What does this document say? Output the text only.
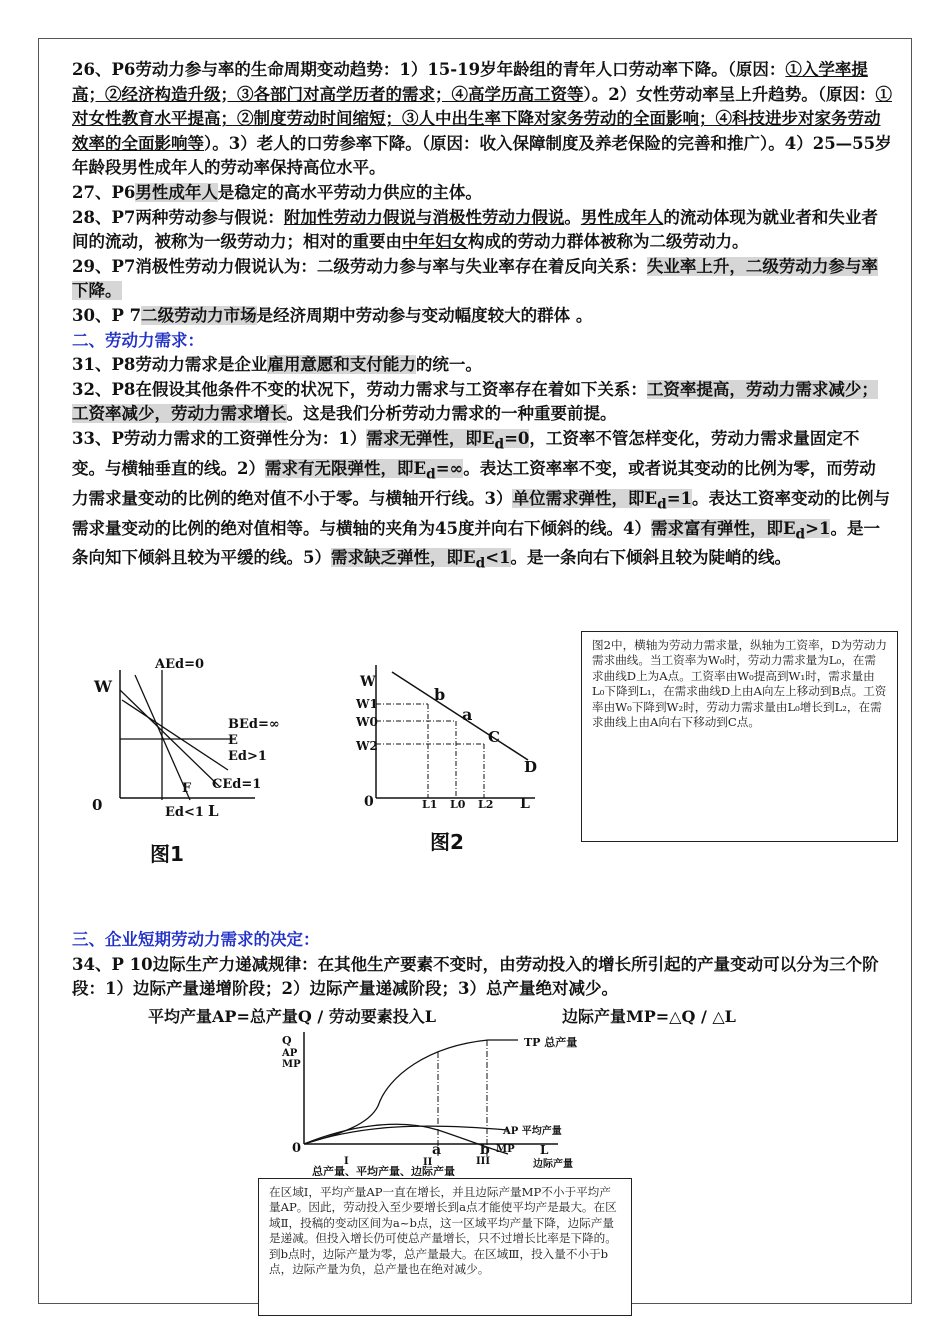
26、P6劳动力参与率的生命周期变动趋势：1）15-19岁年龄组的青年人口劳动率下降。（原因：①入学率提高；②经济构造升级；③各部门对高学历者的需求；④高学历高工资等）。2）女性劳动率呈上升趋势。（原因：①对女性教育水平提高；②制度劳动时间缩短；③人中出生率下降对家务劳动的全面影响；④科技进步对家务劳动效率的全面影响等）。3）老人的口劳参率下降。（原因：收入保障制度及养老保险的完善和推广）。4）25—55岁年龄段男性成年人的劳动率保持高位水平。

27、P6男性成年人是稳定的高水平劳动力供应的主体。

28、P7两种劳动参与假说：附加性劳动力假说与消极性劳动力假说。男性成年人的流动体现为就业者和失业者间的流动，被称为一级劳动力；相对的重要由中年妇女构成的劳动力群体被称为二级劳动力。

29、P7消极性劳动力假说认为：二级劳动力参与率与失业率存在着反向关系：失业率上升，二级劳动力参与率下降。

30、P 7二级劳动力市场是经济周期中劳动参与变动幅度较大的群体 。

二、劳动力需求：

31、P8劳动力需求是企业雇用意愿和支付能力的统一。

32、P8在假设其他条件不变的状况下，劳动力需求与工资率存在着如下关系：工资率提高，劳动力需求减少；工资率减少，劳动力需求增长。这是我们分析劳动力需求的一种重要前提。

33、P劳动力需求的工资弹性分为：1）需求无弹性，即$E_d=0$，工资率不管怎样变化，劳动力需求量固定不变。与横轴垂直的线。2）需求有无限弹性，即$E_d=\infty$。表达工资率率不变，或者说其变动的比例为零，而劳动力需求量变动的比例的绝对值不小于零。与横轴开行线。3）单位需求弹性，即$E_d=1$。表达工资率变动的比例与需求量变动的比例的绝对值相等。与横轴的夹角为45度并向右下倾斜的线。4）需求富有弹性，即$E_d>1$。是一条向知下倾斜且较为平缓的线。5）需求缺乏弹性，即$E_d<1$。是一条向右下倾斜且较为陡峭的线。

W
0	L
AEd=0
BEd=∞
E
Ed>1
F CEd=1
Ed<1
图1
W
W1
W0
W2
0	L1 L0 L2 L
b
a
C
D
图2
图2中，横轴为劳动力需求量，纵轴为工资率，D为劳动力需求曲线。当工资率为W₀时，劳动力需求量为L₀，在需求曲线D上为A点。工资率由W₀提高到W₁时，需求量由L₀下降到L₁，在需求曲线D上由A向左上移动到B点。工资率由W₀下降到W₂时，劳动力需求量由L₀增长到L₂，在需求曲线上由A向右下移动到C点。

三、企业短期劳动力需求的决定：

34、P 10边际生产力递减规律：在其他生产要素不变时，由劳动投入的增长所引起的产量变动可以分为三个阶段：1）边际产量递增阶段；2）边际产量递减阶段；3）总产量绝对减少。

平均产量AP=总产量Q / 劳动要素投入L	边际产量MP=△Q / △L
Q
AP
MP
TP 总产量
AP 平均产量
MP
0	a	b	L
边际产量
I	II	III
总产量、平均产量、边际产量
在区域Ⅰ，平均产量AP一直在增长，并且边际产量MP不小于平均产量AP。因此，劳动投入至少要增长到a点才能使平均产是最大。在区域Ⅱ，投稿的变动区间为a~b点，这一区域平均产量下降，边际产量是递减。但投入增长仍可使总产量增长，只不过增长比率是下降的。到b点时，边际产量为零，总产量最大。在区域Ⅲ，投入量不小于b点，边际产量为负，总产量也在绝对减少。
